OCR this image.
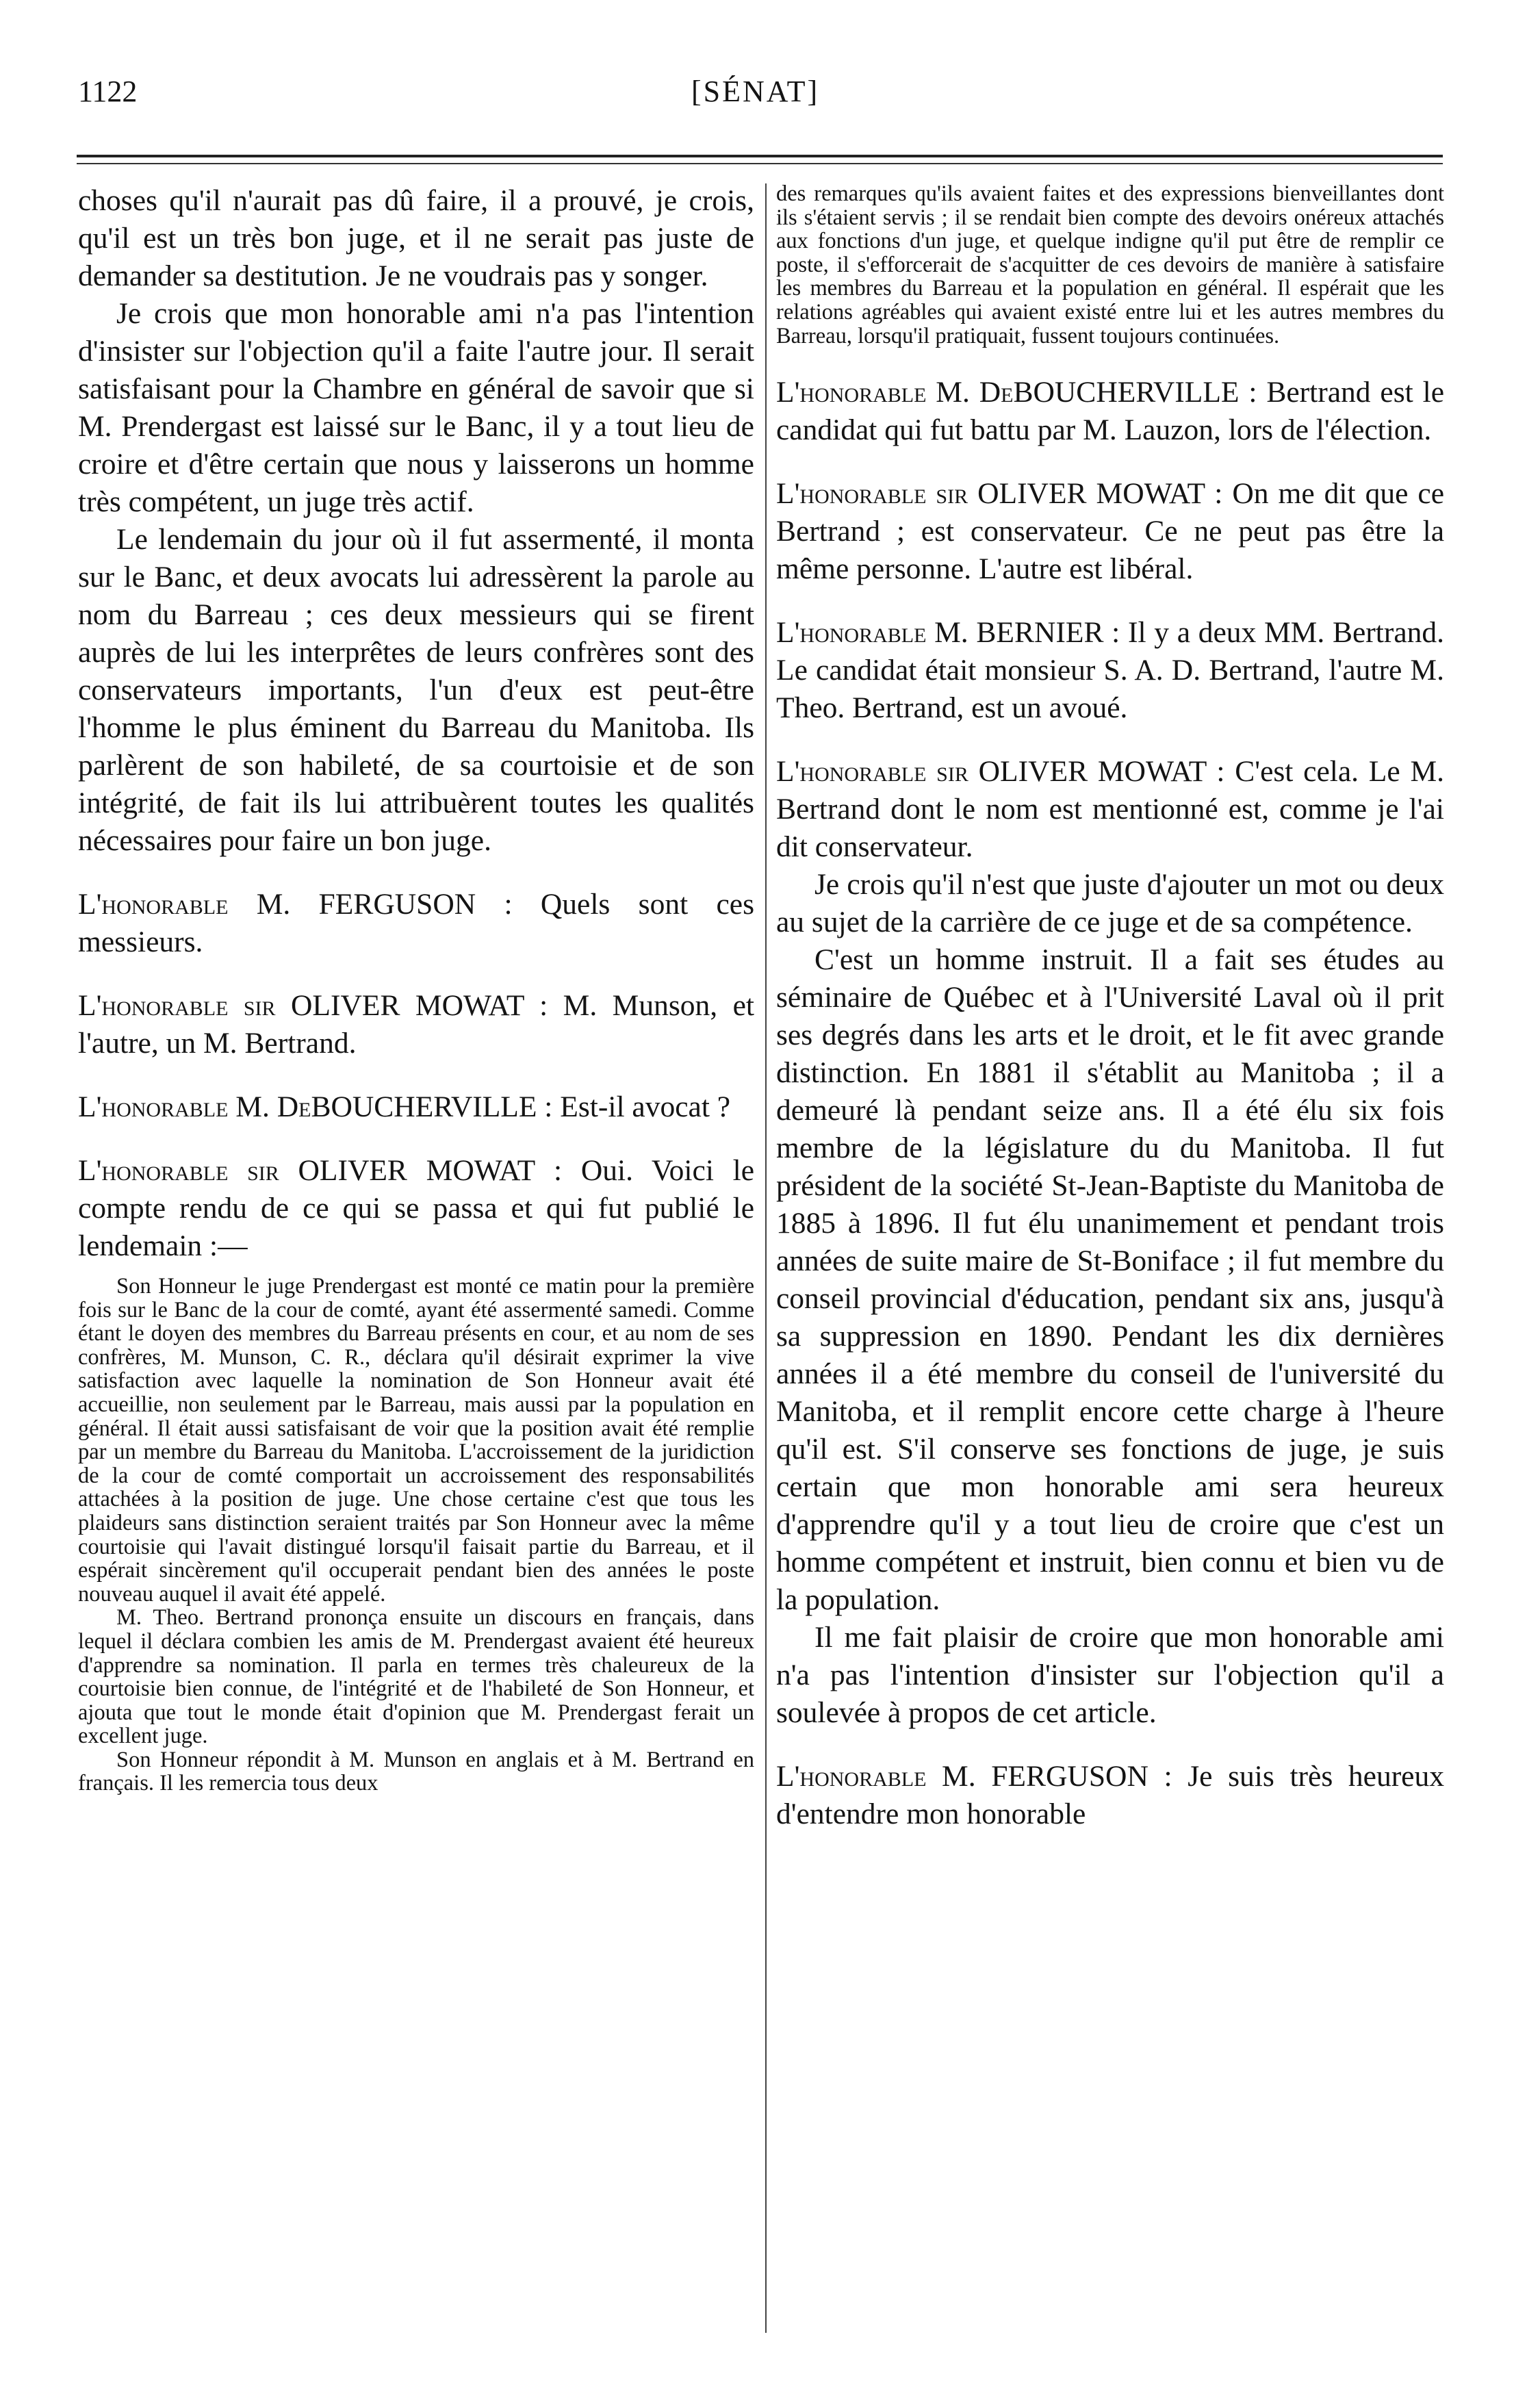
1122	[SÉNAT]

choses qu'il n'aurait pas dû faire, il a prouvé, je crois, qu'il est un très bon juge, et il ne serait pas juste de demander sa destitution. Je ne voudrais pas y songer.

Je crois que mon honorable ami n'a pas l'intention d'insister sur l'objection qu'il a faite l'autre jour. Il serait satisfaisant pour la Chambre en général de savoir que si M. Prendergast est laissé sur le Banc, il y a tout lieu de croire et d'être certain que nous y laisserons un homme très compétent, un juge très actif.

Le lendemain du jour où il fut assermenté, il monta sur le Banc, et deux avocats lui adressèrent la parole au nom du Barreau ; ces deux messieurs qui se firent auprès de lui les interprêtes de leurs confrères sont des conservateurs importants, l'un d'eux est peut-être l'homme le plus éminent du Barreau du Manitoba. Ils parlèrent de son habileté, de sa courtoisie et de son intégrité, de fait ils lui attribuèrent toutes les qualités nécessaires pour faire un bon juge.

L'honorable M. FERGUSON : Quels sont ces messieurs.

L'honorable sir OLIVER MOWAT : M. Munson, et l'autre, un M. Bertrand.

L'honorable M. DeBOUCHERVILLE : Est-il avocat ?

L'honorable sir OLIVER MOWAT : Oui. Voici le compte rendu de ce qui se passa et qui fut publié le lendemain :—

Son Honneur le juge Prendergast est monté ce matin pour la première fois sur le Banc de la cour de comté, ayant été assermenté samedi. Comme étant le doyen des membres du Barreau présents en cour, et au nom de ses confrères, M. Munson, C. R., déclara qu'il désirait exprimer la vive satisfaction avec laquelle la nomination de Son Honneur avait été accueillie, non seulement par le Barreau, mais aussi par la population en général. Il était aussi satisfaisant de voir que la position avait été remplie par un membre du Barreau du Manitoba. L'accroissement de la juridiction de la cour de comté comportait un accroissement des responsabilités attachées à la position de juge. Une chose certaine c'est que tous les plaideurs sans distinction seraient traités par Son Honneur avec la même courtoisie qui l'avait distingué lorsqu'il faisait partie du Barreau, et il espérait sincèrement qu'il occuperait pendant bien des années le poste nouveau auquel il avait été appelé.

M. Theo. Bertrand prononça ensuite un discours en français, dans lequel il déclara combien les amis de M. Prendergast avaient été heureux d'apprendre sa nomination. Il parla en termes très chaleureux de la courtoisie bien connue, de l'intégrité et de l'habileté de Son Honneur, et ajouta que tout le monde était d'opinion que M. Prendergast ferait un excellent juge.

Son Honneur répondit à M. Munson en anglais et à M. Bertrand en français. Il les remercia tous deux

des remarques qu'ils avaient faites et des expressions bienveillantes dont ils s'étaient servis ; il se rendait bien compte des devoirs onéreux attachés aux fonctions d'un juge, et quelque indigne qu'il put être de remplir ce poste, il s'efforcerait de s'acquitter de ces devoirs de manière à satisfaire les membres du Barreau et la population en général. Il espérait que les relations agréables qui avaient existé entre lui et les autres membres du Barreau, lorsqu'il pratiquait, fussent toujours continuées.

L'honorable M. DeBOUCHERVILLE : Bertrand est le candidat qui fut battu par M. Lauzon, lors de l'élection.

L'honorable sir OLIVER MOWAT : On me dit que ce Bertrand ; est conservateur. Ce ne peut pas être la même personne. L'autre est libéral.

L'honorable M. BERNIER : Il y a deux MM. Bertrand. Le candidat était monsieur S. A. D. Bertrand, l'autre M. Theo. Bertrand, est un avoué.

L'honorable sir OLIVER MOWAT : C'est cela. Le M. Bertrand dont le nom est mentionné est, comme je l'ai dit conservateur.

Je crois qu'il n'est que juste d'ajouter un mot ou deux au sujet de la carrière de ce juge et de sa compétence.

C'est un homme instruit. Il a fait ses études au séminaire de Québec et à l'Université Laval où il prit ses degrés dans les arts et le droit, et le fit avec grande distinction. En 1881 il s'établit au Manitoba ; il a demeuré là pendant seize ans. Il a été élu six fois membre de la législature du du Manitoba. Il fut président de la société St-Jean-Baptiste du Manitoba de 1885 à 1896. Il fut élu unanimement et pendant trois années de suite maire de St-Boniface ; il fut membre du conseil provincial d'éducation, pendant six ans, jusqu'à sa suppression en 1890. Pendant les dix dernières années il a été membre du conseil de l'université du Manitoba, et il remplit encore cette charge à l'heure qu'il est. S'il conserve ses fonctions de juge, je suis certain que mon honorable ami sera heureux d'apprendre qu'il y a tout lieu de croire que c'est un homme compétent et instruit, bien connu et bien vu de la population.

Il me fait plaisir de croire que mon honorable ami n'a pas l'intention d'insister sur l'objection qu'il a soulevée à propos de cet article.

L'honorable M. FERGUSON : Je suis très heureux d'entendre mon honorable
